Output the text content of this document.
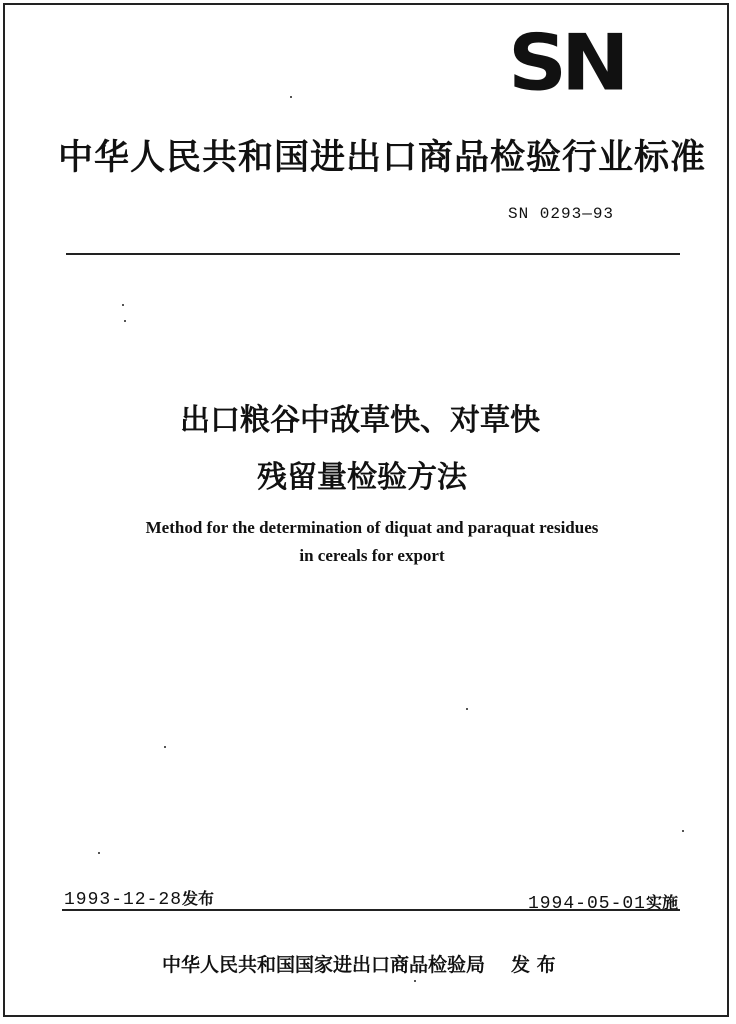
SN
中华人民共和国进出口商品检验行业标准
SN 0293—93
出口粮谷中敌草快、对草快
残留量检验方法
Method for the determination of diquat and paraquat residues
in cereals for export
1993-12-28发布	1994-05-01实施
中华人民共和国国家进出口商品检验局 发 布
